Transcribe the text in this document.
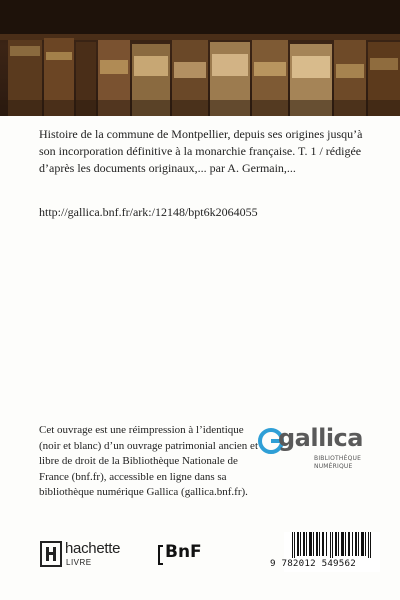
Histoire de la commune de Montpellier, depuis ses origines jusqu’à son incorporation définitive à la monarchie française. T. 1 / rédigée d’après les documents originaux,... par A. Germain,...
http://gallica.bnf.fr/ark:/12148/bpt6k2064055
Cet ouvrage est une réimpression à l’identique (noir et blanc) d’un ouvrage patrimonial ancien et libre de droit de la Bibliothèque Nationale de France (bnf.fr), accessible en ligne dans sa bibliothèque numérique Gallica (gallica.bnf.fr).
gallica
BIBLIOTHÈQUE
NUMÉRIQUE
hachette
LIVRE
BnF
9 782012 549562
